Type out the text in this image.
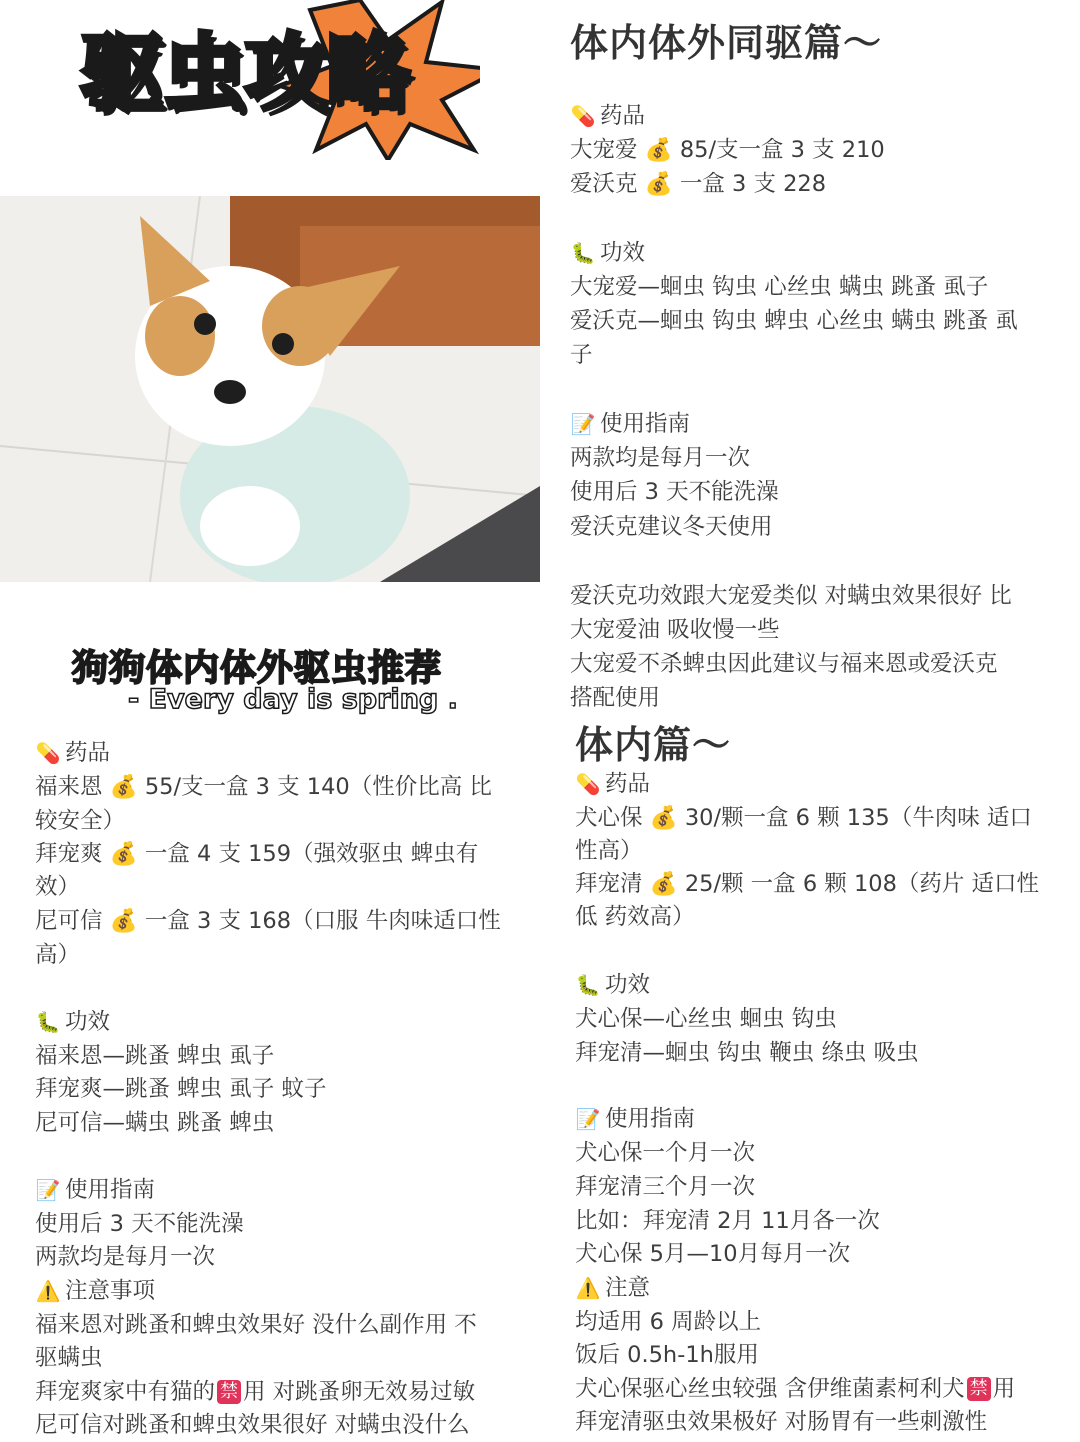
驱虫攻略
狗狗体内体外驱虫推荐
- Every day is spring .
💊 药品
福来恩 💰 55/支一盒 3 支 140（性价比高 比
较安全）
拜宠爽 💰 一盒 4 支 159（强效驱虫 蜱虫有
效）
尼可信 💰 一盒 3 支 168（口服 牛肉味适口性
高）
🐛 功效
福来恩—跳蚤 蜱虫 虱子
拜宠爽—跳蚤 蜱虫 虱子 蚊子
尼可信—螨虫 跳蚤 蜱虫
📝 使用指南
使用后 3 天不能洗澡
两款均是每月一次
⚠️ 注意事项
福来恩对跳蚤和蜱虫效果好 没什么副作用 不
驱螨虫
拜宠爽家中有猫的 禁 用 对跳蚤卵无效易过敏
尼可信对跳蚤和蜱虫效果很好 对螨虫没什么
体内体外同驱篇～
💊 药品
大宠爱 💰 85/支一盒 3 支 210
爱沃克 💰 一盒 3 支 228
🐛 功效
大宠爱—蛔虫 钩虫 心丝虫 螨虫 跳蚤 虱子
爱沃克—蛔虫 钩虫 蜱虫 心丝虫 螨虫 跳蚤 虱
子
📝 使用指南
两款均是每月一次
使用后 3 天不能洗澡
爱沃克建议冬天使用
爱沃克功效跟大宠爱类似 对螨虫效果很好 比
大宠爱油 吸收慢一些
大宠爱不杀蜱虫因此建议与福来恩或爱沃克
搭配使用
体内篇～
💊 药品
犬心保 💰 30/颗一盒 6 颗 135（牛肉味 适口
性高）
拜宠清 💰 25/颗 一盒 6 颗 108（药片 适口性
低 药效高）
🐛 功效
犬心保—心丝虫 蛔虫 钩虫
拜宠清—蛔虫 钩虫 鞭虫 绦虫 吸虫
📝 使用指南
犬心保一个月一次
拜宠清三个月一次
比如：拜宠清 2月 11月各一次
犬心保 5月—10月每月一次
⚠️ 注意
均适用 6 周龄以上
饭后 0.5h-1h服用
犬心保驱心丝虫较强 含伊维菌素柯利犬 禁 用
拜宠清驱虫效果极好 对肠胃有一些刺激性
